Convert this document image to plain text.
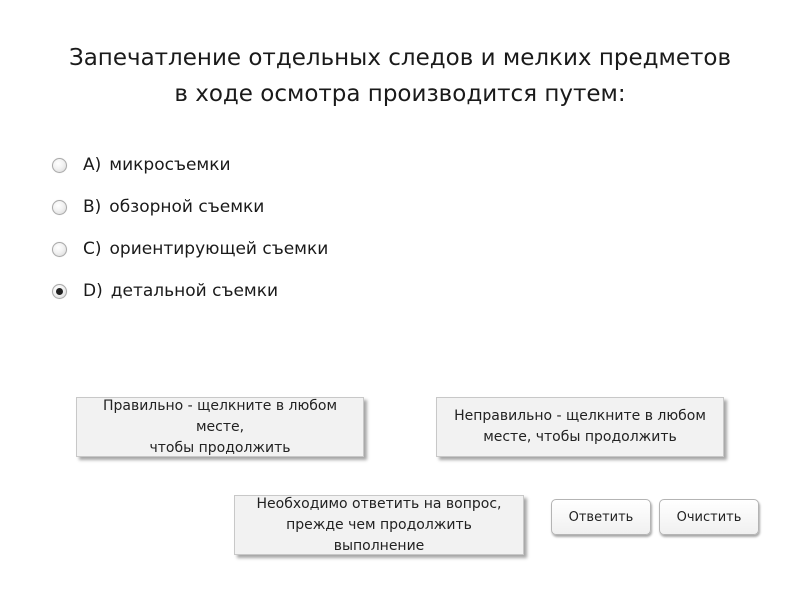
Запечатление отдельных следов и мелких предметов
в ходе осмотра производится путем:
A) микросъемки
B) обзорной съемки
C) ориентирующей съемки
D) детальной съемки
Правильно - щелкните в любом месте,
чтобы продолжить
Неправильно - щелкните в любом
месте, чтобы продолжить
Необходимо ответить на вопрос,
прежде чем продолжить выполнение
Ответить	Очистить
